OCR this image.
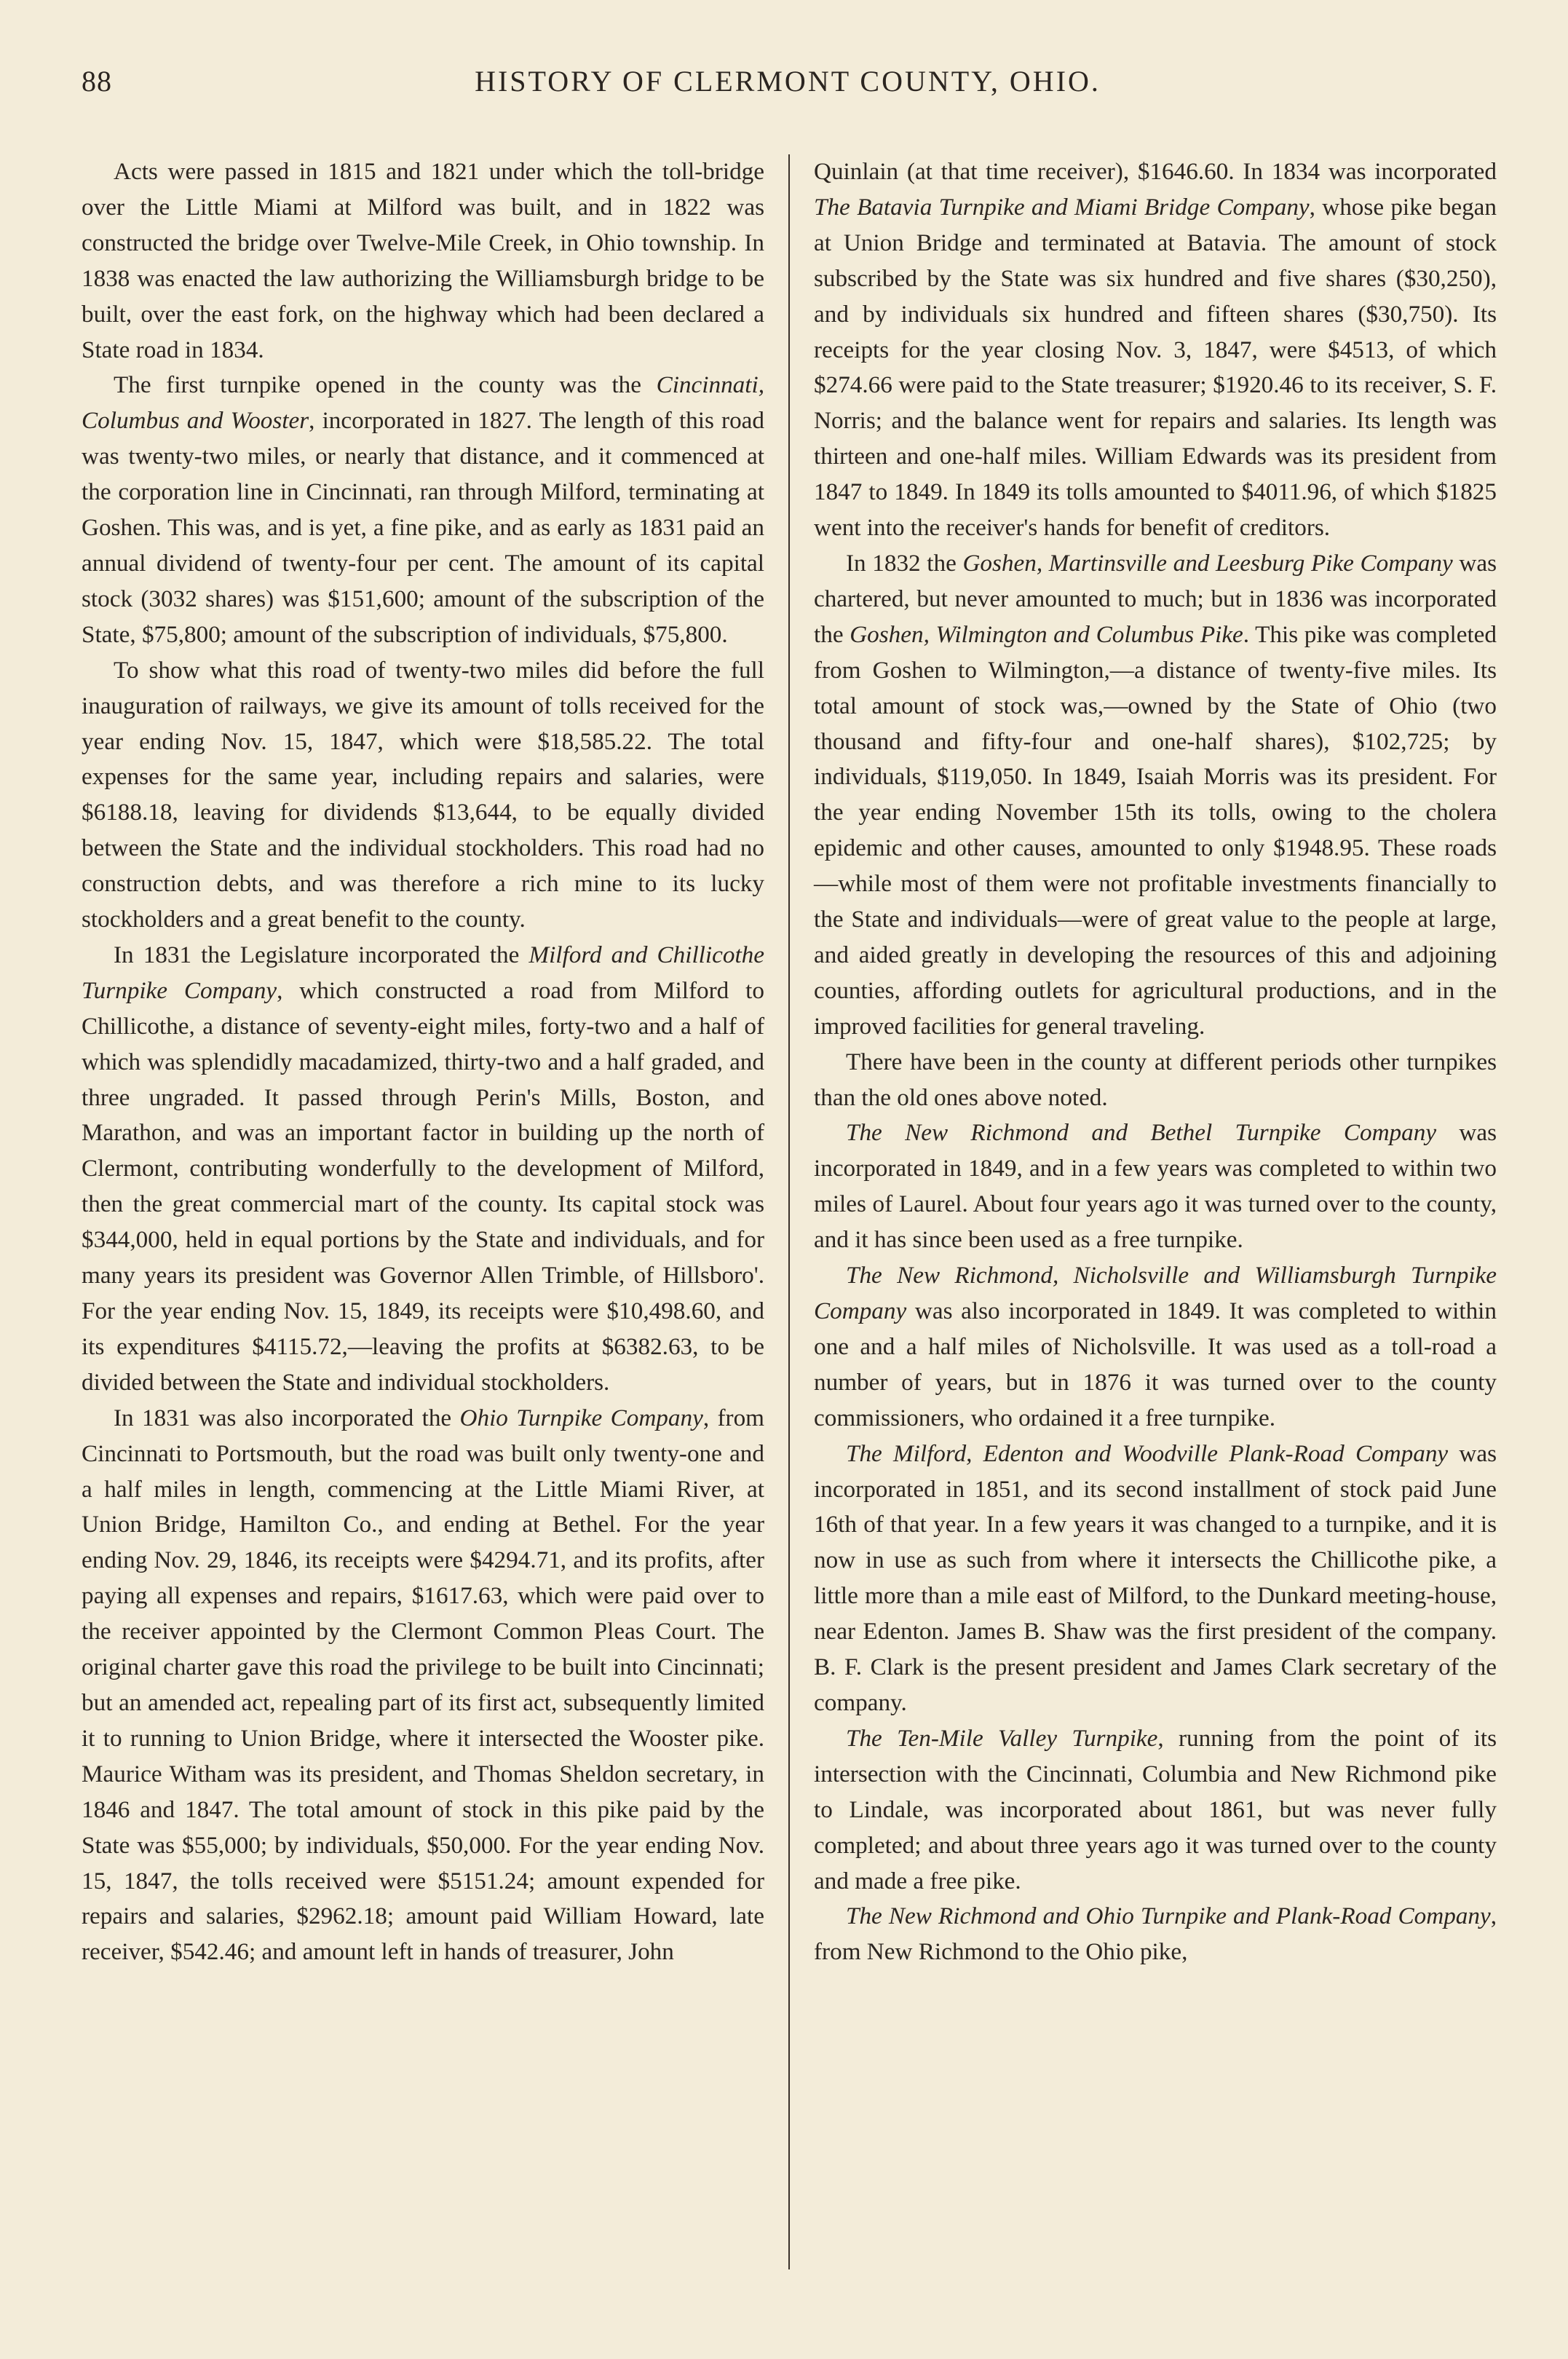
88	HISTORY OF CLERMONT COUNTY, OHIO.

Acts were passed in 1815 and 1821 under which the toll-bridge over the Little Miami at Milford was built, and in 1822 was constructed the bridge over Twelve-Mile Creek, in Ohio township. In 1838 was enacted the law authorizing the Williamsburgh bridge to be built, over the east fork, on the highway which had been declared a State road in 1834.

The first turnpike opened in the county was the Cincinnati, Columbus and Wooster, incorporated in 1827. The length of this road was twenty-two miles, or nearly that distance, and it commenced at the corporation line in Cincinnati, ran through Milford, terminating at Goshen. This was, and is yet, a fine pike, and as early as 1831 paid an annual dividend of twenty-four per cent. The amount of its capital stock (3032 shares) was $151,600; amount of the subscription of the State, $75,800; amount of the subscription of individuals, $75,800.

To show what this road of twenty-two miles did before the full inauguration of railways, we give its amount of tolls received for the year ending Nov. 15, 1847, which were $18,585.22. The total expenses for the same year, including repairs and salaries, were $6188.18, leaving for dividends $13,644, to be equally divided between the State and the individual stockholders. This road had no construction debts, and was therefore a rich mine to its lucky stockholders and a great benefit to the county.

In 1831 the Legislature incorporated the Milford and Chillicothe Turnpike Company, which constructed a road from Milford to Chillicothe, a distance of seventy-eight miles, forty-two and a half of which was splendidly macadamized, thirty-two and a half graded, and three ungraded. It passed through Perin's Mills, Boston, and Marathon, and was an important factor in building up the north of Clermont, contributing wonderfully to the development of Milford, then the great commercial mart of the county. Its capital stock was $344,000, held in equal portions by the State and individuals, and for many years its president was Governor Allen Trimble, of Hillsboro'. For the year ending Nov. 15, 1849, its receipts were $10,498.60, and its expenditures $4115.72,—leaving the profits at $6382.63, to be divided between the State and individual stockholders.

In 1831 was also incorporated the Ohio Turnpike Company, from Cincinnati to Portsmouth, but the road was built only twenty-one and a half miles in length, commencing at the Little Miami River, at Union Bridge, Hamilton Co., and ending at Bethel. For the year ending Nov. 29, 1846, its receipts were $4294.71, and its profits, after paying all expenses and repairs, $1617.63, which were paid over to the receiver appointed by the Clermont Common Pleas Court. The original charter gave this road the privilege to be built into Cincinnati; but an amended act, repealing part of its first act, subsequently limited it to running to Union Bridge, where it intersected the Wooster pike. Maurice Witham was its president, and Thomas Sheldon secretary, in 1846 and 1847. The total amount of stock in this pike paid by the State was $55,000; by individuals, $50,000. For the year ending Nov. 15, 1847, the tolls received were $5151.24; amount expended for repairs and salaries, $2962.18; amount paid William Howard, late receiver, $542.46; and amount left in hands of treasurer, John

Quinlain (at that time receiver), $1646.60. In 1834 was incorporated The Batavia Turnpike and Miami Bridge Company, whose pike began at Union Bridge and terminated at Batavia. The amount of stock subscribed by the State was six hundred and five shares ($30,250), and by individuals six hundred and fifteen shares ($30,750). Its receipts for the year closing Nov. 3, 1847, were $4513, of which $274.66 were paid to the State treasurer; $1920.46 to its receiver, S. F. Norris; and the balance went for repairs and salaries. Its length was thirteen and one-half miles. William Edwards was its president from 1847 to 1849. In 1849 its tolls amounted to $4011.96, of which $1825 went into the receiver's hands for benefit of creditors.

In 1832 the Goshen, Martinsville and Leesburg Pike Company was chartered, but never amounted to much; but in 1836 was incorporated the Goshen, Wilmington and Columbus Pike. This pike was completed from Goshen to Wilmington,—a distance of twenty-five miles. Its total amount of stock was,—owned by the State of Ohio (two thousand and fifty-four and one-half shares), $102,725; by individuals, $119,050. In 1849, Isaiah Morris was its president. For the year ending November 15th its tolls, owing to the cholera epidemic and other causes, amounted to only $1948.95. These roads—while most of them were not profitable investments financially to the State and individuals—were of great value to the people at large, and aided greatly in developing the resources of this and adjoining counties, affording outlets for agricultural productions, and in the improved facilities for general traveling.

There have been in the county at different periods other turnpikes than the old ones above noted.

The New Richmond and Bethel Turnpike Company was incorporated in 1849, and in a few years was completed to within two miles of Laurel. About four years ago it was turned over to the county, and it has since been used as a free turnpike.

The New Richmond, Nicholsville and Williamsburgh Turnpike Company was also incorporated in 1849. It was completed to within one and a half miles of Nicholsville. It was used as a toll-road a number of years, but in 1876 it was turned over to the county commissioners, who ordained it a free turnpike.

The Milford, Edenton and Woodville Plank-Road Company was incorporated in 1851, and its second installment of stock paid June 16th of that year. In a few years it was changed to a turnpike, and it is now in use as such from where it intersects the Chillicothe pike, a little more than a mile east of Milford, to the Dunkard meeting-house, near Edenton. James B. Shaw was the first president of the company. B. F. Clark is the present president and James Clark secretary of the company.

The Ten-Mile Valley Turnpike, running from the point of its intersection with the Cincinnati, Columbia and New Richmond pike to Lindale, was incorporated about 1861, but was never fully completed; and about three years ago it was turned over to the county and made a free pike.

The New Richmond and Ohio Turnpike and Plank-Road Company, from New Richmond to the Ohio pike,
